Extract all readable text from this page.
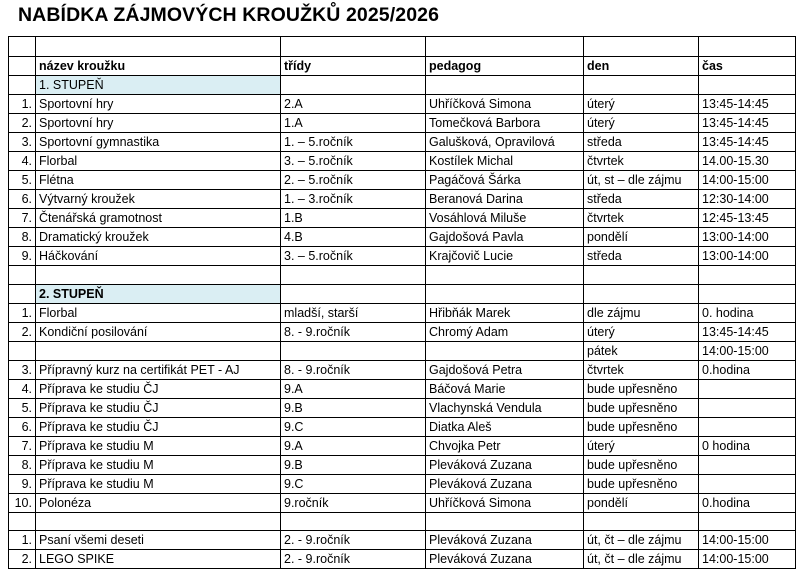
NABÍDKA ZÁJMOVÝCH KROUŽKŮ 2025/2026

	název kroužku	třídy	pedagog	den	čas
	1. STUPEŇ				
1.	Sportovní hry	2.A	Uhříčková Simona	úterý	13:45-14:45
2.	Sportovní hry	1.A	Tomečková Barbora	úterý	13:45-14:45
3.	Sportovní gymnastika	1. – 5.ročník	Galušková, Opravilová	středa	13:45-14:45
4.	Florbal	3. – 5.ročník	Kostílek Michal	čtvrtek	14.00-15.30
5.	Flétna	2. – 5.ročník	Pagáčová Šárka	út, st – dle zájmu	14:00-15:00
6.	Výtvarný kroužek	1. – 3.ročník	Beranová Darina	středa	12:30-14:00
7.	Čtenářská gramotnost	1.B	Vosáhlová Miluše	čtvrtek	12:45-13:45
8.	Dramatický kroužek	4.B	Gajdošová Pavla	pondělí	13:00-14:00
9.	Háčkování	3. – 5.ročník	Krajčovič Lucie	středa	13:00-14:00

	2. STUPEŇ				
1.	Florbal	mladší, starší	Hřibňák Marek	dle zájmu	0. hodina
2.	Kondiční posilování	8. - 9.ročník	Chromý Adam	úterý	13:45-14:45
				pátek	14:00-15:00
3.	Přípravný kurz na certifikát PET - AJ	8. - 9.ročník	Gajdošová Petra	čtvrtek	0.hodina
4.	Příprava ke studiu ČJ	9.A	Báčová Marie	bude upřesněno	
5.	Příprava ke studiu ČJ	9.B	Vlachynská Vendula	bude upřesněno	
6.	Příprava ke studiu ČJ	9.C	Diatka Aleš	bude upřesněno	
7.	Příprava ke studiu M	9.A	Chvojka Petr	úterý	0 hodina
8.	Příprava ke studiu M	9.B	Pleváková Zuzana	bude upřesněno	
9.	Příprava ke studiu M	9.C	Pleváková Zuzana	bude upřesněno	
10.	Polonéza	9.ročník	Uhříčková Simona	pondělí	0.hodina

1.	Psaní všemi deseti	2. - 9.ročník	Pleváková Zuzana	út, čt – dle zájmu	14:00-15:00
2.	LEGO SPIKE	2. - 9.ročník	Pleváková Zuzana	út, čt – dle zájmu	14:00-15:00
